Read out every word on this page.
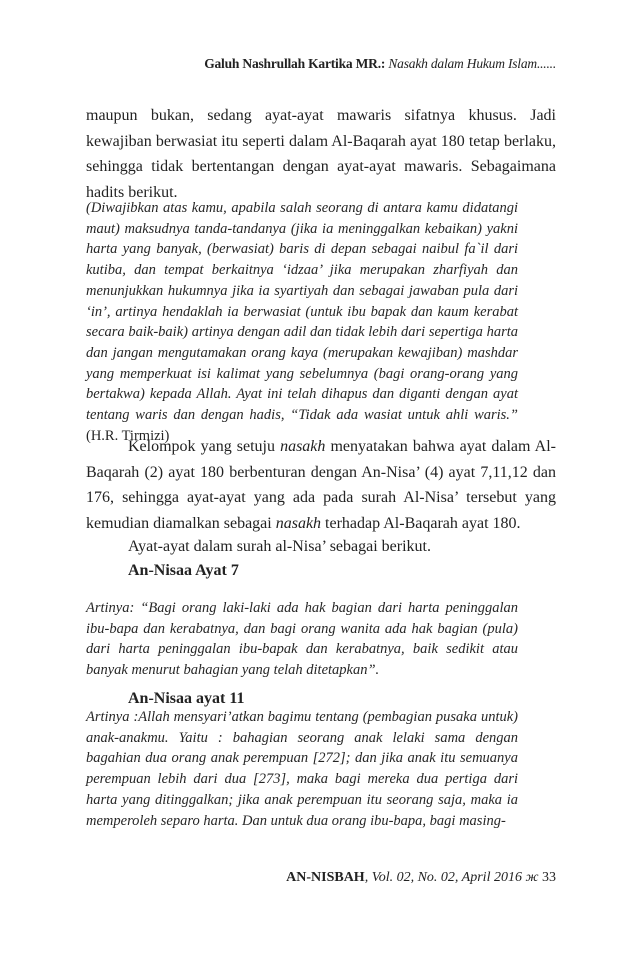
Galuh Nashrullah Kartika MR.: Nasakh dalam Hukum Islam......

maupun bukan, sedang ayat-ayat mawaris sifatnya khusus. Jadi kewajiban berwasiat itu seperti dalam Al-Baqarah ayat 180 tetap berlaku, sehingga tidak bertentangan dengan ayat-ayat mawaris. Sebagaimana hadits berikut.

(Diwajibkan atas kamu, apabila salah seorang di antara kamu didatangi maut) maksudnya tanda-tandanya (jika ia meninggalkan kebaikan) yakni harta yang banyak, (berwasiat) baris di depan sebagai naibul fa`il dari kutiba, dan tempat berkaitnya ‘idzaa’ jika merupakan zharfiyah dan menunjukkan hukumnya jika ia syartiyah dan sebagai jawaban pula dari ‘in’, artinya hendaklah ia berwasiat (untuk ibu bapak dan kaum kerabat secara baik-baik) artinya dengan adil dan tidak lebih dari sepertiga harta dan jangan mengutamakan orang kaya (merupakan kewajiban) mashdar yang memperkuat isi kalimat yang sebelumnya (bagi orang-orang yang bertakwa) kepada Allah. Ayat ini telah dihapus dan diganti dengan ayat tentang waris dan dengan hadis, “Tidak ada wasiat untuk ahli waris.” (H.R. Tirmizi)

Kelompok yang setuju nasakh menyatakan bahwa ayat dalam Al-Baqarah (2) ayat 180 berbenturan dengan An-Nisa’ (4) ayat 7,11,12 dan 176, sehingga ayat-ayat yang ada pada surah Al-Nisa’ tersebut yang kemudian diamalkan sebagai nasakh terhadap Al-Baqarah ayat 180.

Ayat-ayat dalam surah al-Nisa’ sebagai berikut.

An-Nisaa Ayat 7

Artinya: “Bagi orang laki-laki ada hak bagian dari harta peninggalan ibu-bapa dan kerabatnya, dan bagi orang wanita ada hak bagian (pula) dari harta peninggalan ibu-bapak dan kerabatnya, baik sedikit atau banyak menurut bahagian yang telah ditetapkan”.

An-Nisaa ayat 11

Artinya :Allah mensyari’atkan bagimu tentang (pembagian pusaka untuk) anak-anakmu. Yaitu : bahagian seorang anak lelaki sama dengan bagahian dua orang anak perempuan [272]; dan jika anak itu semuanya perempuan lebih dari dua [273], maka bagi mereka dua pertiga dari harta yang ditinggalkan; jika anak perempuan itu seorang saja, maka ia memperoleh separo harta. Dan untuk dua orang ibu-bapa, bagi masing-

AN-NISBAH, Vol. 02, No. 02, April 2016 ж 33
